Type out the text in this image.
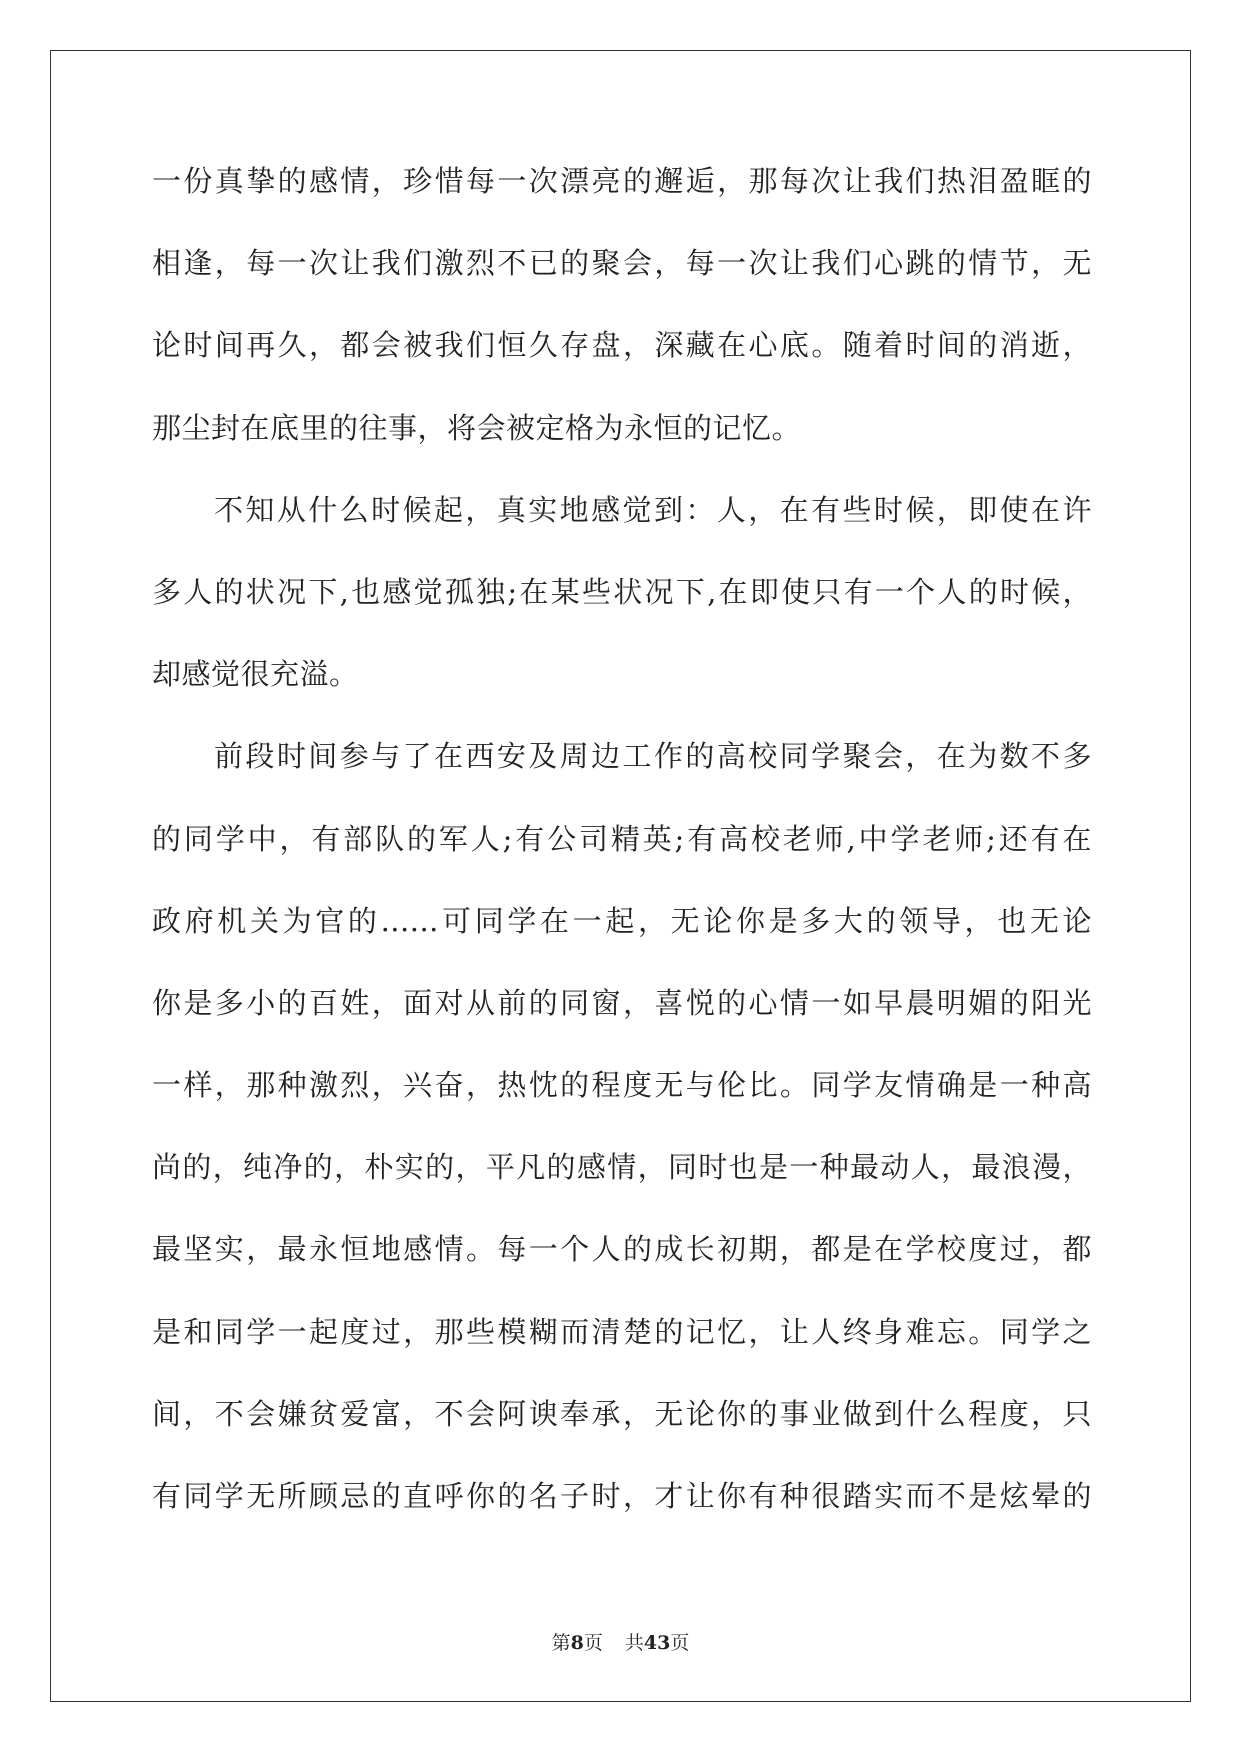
一份真挚的感情，珍惜每一次漂亮的邂逅，那每次让我们热泪盈眶的
相逢，每一次让我们激烈不已的聚会，每一次让我们心跳的情节，无
论时间再久，都会被我们恒久存盘，深藏在心底。随着时间的消逝，
那尘封在底里的往事，将会被定格为永恒的记忆。
不知从什么时候起，真实地感觉到：人，在有些时候，即使在许
多人的状况下,也感觉孤独;在某些状况下,在即使只有一个人的时候，
却感觉很充溢。
前段时间参与了在西安及周边工作的高校同学聚会，在为数不多
的同学中，有部队的军人;有公司精英;有高校老师,中学老师;还有在
政府机关为官的......可同学在一起，无论你是多大的领导，也无论
你是多小的百姓，面对从前的同窗，喜悦的心情一如早晨明媚的阳光
一样，那种激烈，兴奋，热忱的程度无与伦比。同学友情确是一种高
尚的，纯净的，朴实的，平凡的感情，同时也是一种最动人，最浪漫，
最坚实，最永恒地感情。每一个人的成长初期，都是在学校度过，都
是和同学一起度过，那些模糊而清楚的记忆，让人终身难忘。同学之
间，不会嫌贫爱富，不会阿谀奉承，无论你的事业做到什么程度，只
有同学无所顾忌的直呼你的名子时，才让你有种很踏实而不是炫晕的
第8页 共43页
